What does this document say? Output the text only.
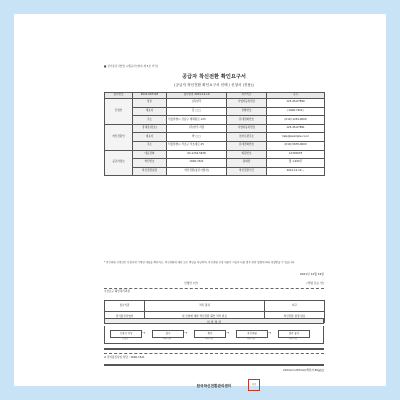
■ 전기통신사업법 시행규칙 [별지 제 3호 서식]
공급자 착신전환 확인요구서
(공급자 착신전환 확인요구서 선택 / 신청서 (전용))
접수번호	2021-007193	접수일자 2021-12-19	처리기간	즉시
신청인	상호	(주)한국	사업자등록번호	123-45-67890
	대표자	김 ◯◯	전화번호	(1600-7421)
	주소	서울특별시 강남구 테헤란로 123	휴대전화번호	(010) 1234-0000
착신전환인	휴대폰(상호)	(주)한국 지점	사업자등록번호	123-45-67891
	대표자	박 ◯◯	전자우편주소	help@example.co.kr
	주소	서울특별시 서초구 서초대로 45	휴대전화번호	(010) 5678-0000
공급자정보	대표전화	02-1234-5678	회원번호	12345678
	착신번호	1600-7421	통화량	월 1,200건
	착신전환설정	착신전환(통신사업자)	착신전환기간	2021.12.19 ~
* 착신전환 신청인은 신청서에 기재된 내용을 확인하고, 착신전환에 대한 모든 책임을 부담하며, 착신전환 신청 내용이 사실과 다를 경우 관련 법령에 따라 처벌받을 수 있습니다.
2021년 12월 19일
신청인 (인)	(서명 또는 인)
수신요구 확인처리과정
접수기관	처리 결과	비고
전기통신사업자	위 신청에 대한 착신전환 확인 처리 완료	착신전환 설정 완료
처 리 절 차
신청서 작성
신청인
→	접수
처리기관
→	확인
처리기관
→	착신전환
처리기관
→	결과 통지
처리기관
※ 전기통신사업 상담 : 1600-7421
210mm×297mm[백상지 80g/㎡]
한국착신전환관리센터	직인
